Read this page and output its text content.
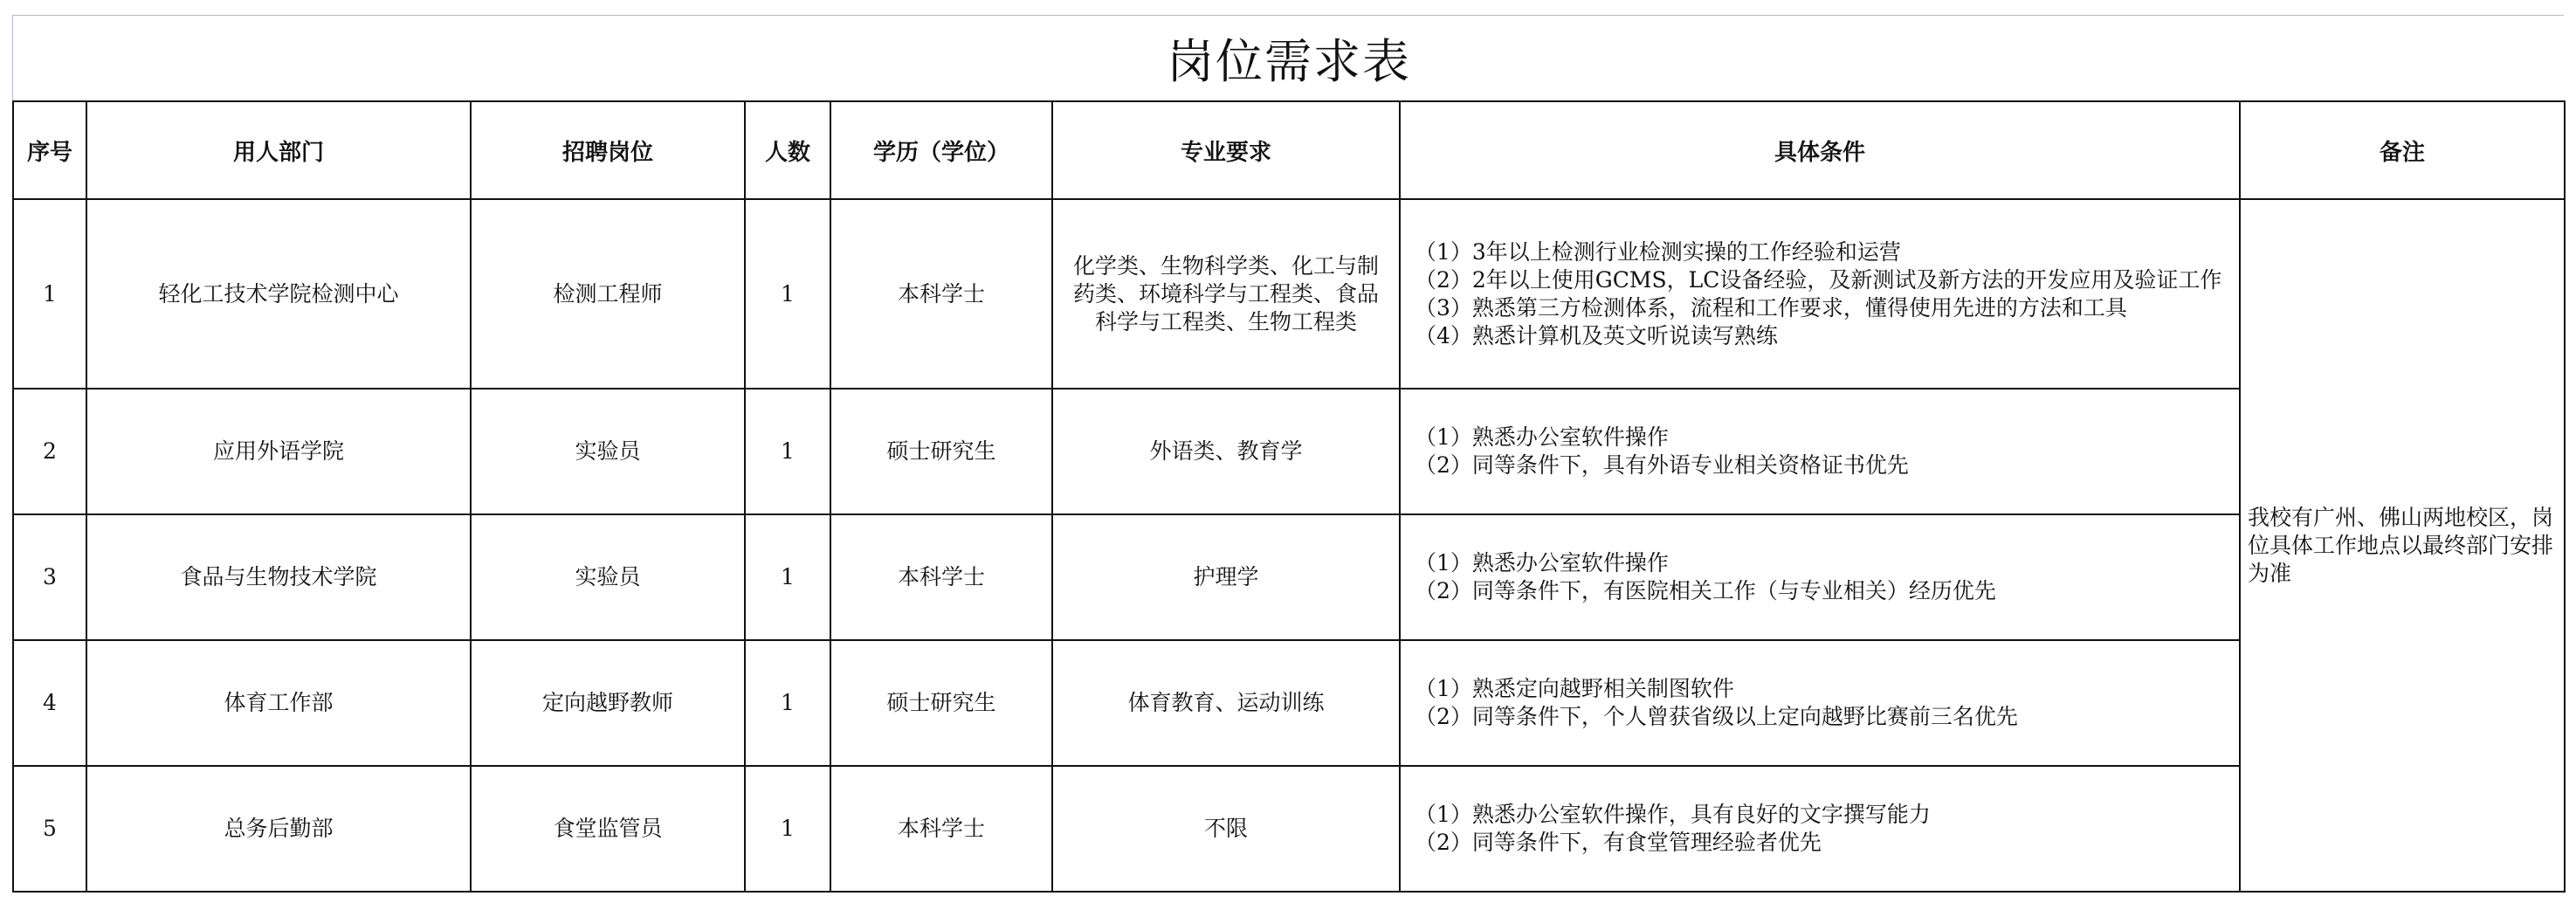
岗位需求表
序号	用人部门	招聘岗位	人数	学历（学位）	专业要求	具体条件	备注
1	轻化工技术学院检测中心	检测工程师	1	本科学士	化学类、生物科学类、化工与制药类、环境科学与工程类、食品科学与工程类、生物工程类	（1）3年以上检测行业检测实操的工作经验和运营
（2）2年以上使用GCMS，LC设备经验，及新测试及新方法的开发应用及验证工作
（3）熟悉第三方检测体系，流程和工作要求，懂得使用先进的方法和工具
（4）熟悉计算机及英文听说读写熟练	我校有广州、佛山两地校区，岗位具体工作地点以最终部门安排为准

2	应用外语学院	实验员	1	硕士研究生	外语类、教育学	（1）熟悉办公室软件操作
（2）同等条件下，具有外语专业相关资格证书优先	

3	食品与生物技术学院	实验员	1	本科学士	护理学	（1）熟悉办公室软件操作
（2）同等条件下，有医院相关工作（与专业相关）经历优先	

4	体育工作部	定向越野教师	1	硕士研究生	体育教育、运动训练	（1）熟悉定向越野相关制图软件
（2）同等条件下，个人曾获省级以上定向越野比赛前三名优先	

5	总务后勤部	食堂监管员	1	本科学士	不限	（1）熟悉办公室软件操作，具有良好的文字撰写能力
（2）同等条件下，有食堂管理经验者优先	
